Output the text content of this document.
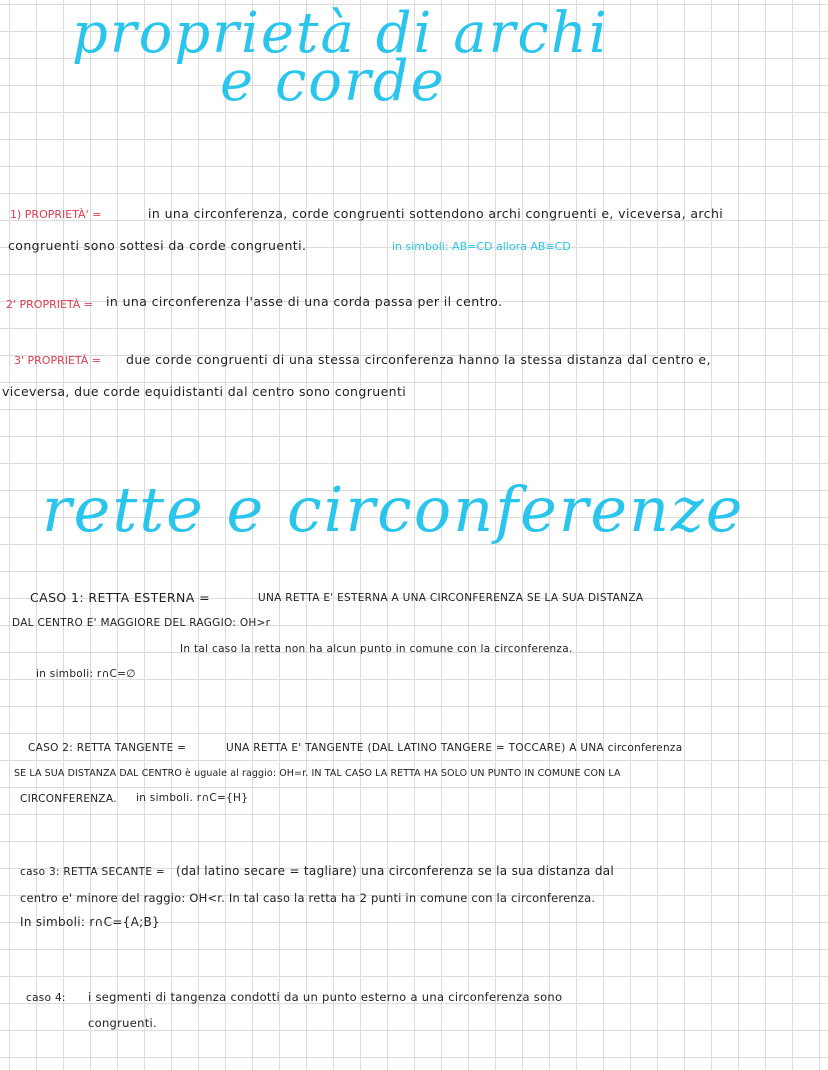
proprietà di archi
e corde
1) PROPRIETÀ' =	in una circonferenza, corde congruenti sottendono archi congruenti e, viceversa, archi
congruenti sono sottesi da corde congruenti.	in simboli: AB=CD allora AB≅CD
2' PROPRIETÀ = in una circonferenza l'asse di una corda passa per il centro.
3' PROPRIETÀ = due corde congruenti di una stessa circonferenza hanno la stessa distanza dal centro e,
viceversa, due corde equidistanti dal centro sono congruenti
rette e circonferenze
CASO 1: RETTA ESTERNA =	UNA RETTA E' ESTERNA A UNA CIRCONFERENZA SE LA SUA DISTANZA
DAL CENTRO E' MAGGIORE DEL RAGGIO: OH>r
In tal caso la retta non ha alcun punto in comune con la circonferenza.
in simboli: r∩C=∅
CASO 2: RETTA TANGENTE =	UNA RETTA E' TANGENTE (DAL LATINO TANGERE = TOCCARE) A UNA circonferenza
SE LA SUA DISTANZA DAL CENTRO è uguale al raggio: OH=r. IN TAL CASO LA RETTA HA SOLO UN PUNTO IN COMUNE CON LA
CIRCONFERENZA. in simboli. r∩C={H}
caso 3: RETTA SECANTE = (dal latino secare = tagliare) una circonferenza se la sua distanza dal
centro e' minore del raggio: OH<r. In tal caso la retta ha 2 punti in comune con la circonferenza.
In simboli: r∩C={A;B}
caso 4: i segmenti di tangenza condotti da un punto esterno a una circonferenza sono
congruenti.
